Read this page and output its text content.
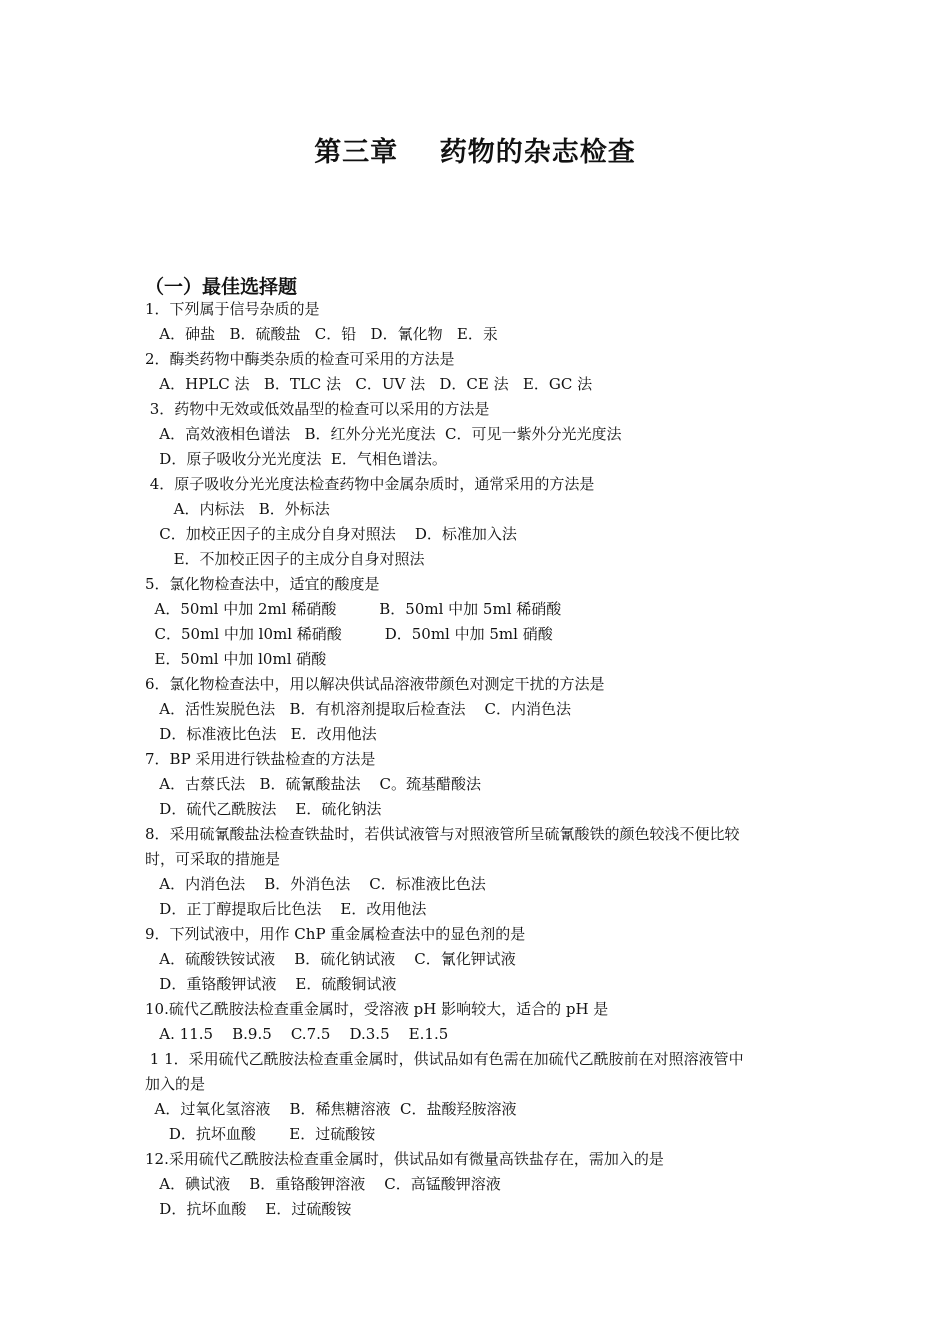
第三章    药物的杂志检查
（一）最佳选择题
1．下列属于信号杂质的是
A．砷盐   B．硫酸盐   C．铅   D．氰化物   E．汞
2．酶类药物中酶类杂质的检查可采用的方法是
A．HPLC 法   B．TLC 法   C．UV 法   D．CE 法   E．GC 法
3．药物中无效或低效晶型的检查可以采用的方法是
A．高效液相色谱法   B．红外分光光度法  C．可见一紫外分光光度法
D．原子吸收分光光度法  E．气相色谱法。
4．原子吸收分光光度法检查药物中金属杂质时，通常采用的方法是
A．内标法   B．外标法
C．加校正因子的主成分自身对照法    D．标准加入法
E．不加校正因子的主成分自身对照法
5．氯化物检查法中，适宜的酸度是
A．50ml 中加 2ml 稀硝酸         B．50ml 中加 5ml 稀硝酸
C．50ml 中加 l0ml 稀硝酸         D．50ml 中加 5ml 硝酸
E．50ml 中加 l0ml 硝酸
6．氯化物检查法中，用以解决供试品溶液带颜色对测定干扰的方法是
A．活性炭脱色法   B．有机溶剂提取后检查法    C．内消色法
D．标准液比色法   E．改用他法
7．BP 采用进行铁盐检查的方法是
A．古蔡氏法   B．硫氰酸盐法    C。巯基醋酸法
D．硫代乙酰胺法    E．硫化钠法
8．采用硫氰酸盐法检查铁盐时，若供试液管与对照液管所呈硫氰酸铁的颜色较浅不便比较
时，可采取的措施是
A．内消色法    B．外消色法    C．标准液比色法
D．正丁醇提取后比色法    E．改用他法
9．下列试液中，用作 ChP 重金属检查法中的显色剂的是
A．硫酸铁铵试液    B．硫化钠试液    C．氰化钾试液
D．重铬酸钾试液    E．硫酸铜试液
10.硫代乙酰胺法检查重金属时，受溶液 pH 影响较大，适合的 pH 是
A. 11.5    B.9.5    C.7.5    D.3.5    E.1.5
1 1．采用硫代乙酰胺法检查重金属时，供试品如有色需在加硫代乙酰胺前在对照溶液管中
加入的是
A．过氧化氢溶液    B．稀焦糖溶液  C．盐酸羟胺溶液
D．抗坏血酸       E．过硫酸铵
12.采用硫代乙酰胺法检查重金属时，供试品如有微量高铁盐存在，需加入的是
A．碘试液    B．重铬酸钾溶液    C．高锰酸钾溶液
D．抗坏血酸    E．过硫酸铵
